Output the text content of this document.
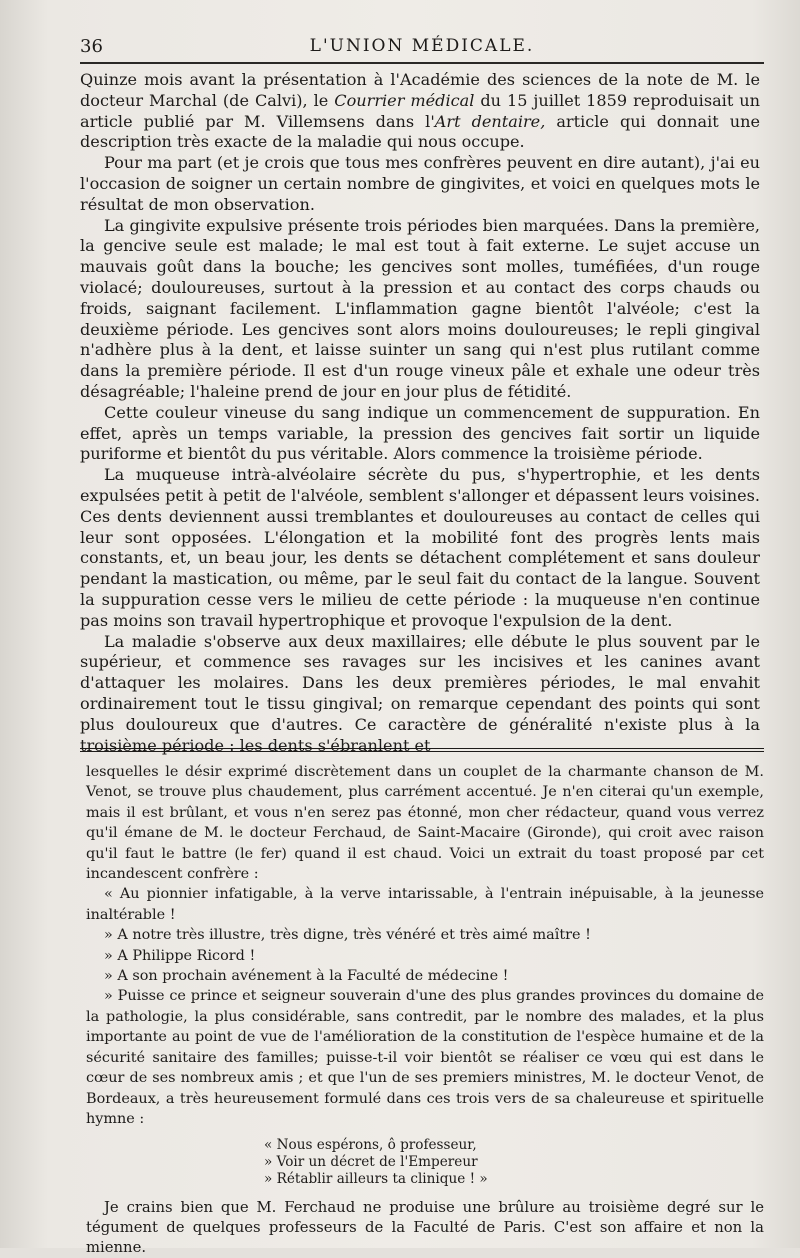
36	L'UNION MÉDICALE.

Quinze mois avant la présentation à l'Académie des sciences de la note de M. le docteur Marchal (de Calvi), le Courrier médical du 15 juillet 1859 reproduisait un article publié par M. Villemsens dans l'Art dentaire, article qui donnait une description très exacte de la maladie qui nous occupe.

Pour ma part (et je crois que tous mes confrères peuvent en dire autant), j'ai eu l'occasion de soigner un certain nombre de gingivites, et voici en quelques mots le résultat de mon observation.

La gingivite expulsive présente trois périodes bien marquées. Dans la première, la gencive seule est malade; le mal est tout à fait externe. Le sujet accuse un mauvais goût dans la bouche; les gencives sont molles, tuméfiées, d'un rouge violacé; douloureuses, surtout à la pression et au contact des corps chauds ou froids, saignant facilement. L'inflammation gagne bientôt l'alvéole; c'est la deuxième période. Les gencives sont alors moins douloureuses; le repli gingival n'adhère plus à la dent, et laisse suinter un sang qui n'est plus rutilant comme dans la première période. Il est d'un rouge vineux pâle et exhale une odeur très désagréable; l'haleine prend de jour en jour plus de fétidité.

Cette couleur vineuse du sang indique un commencement de suppuration. En effet, après un temps variable, la pression des gencives fait sortir un liquide puriforme et bientôt du pus véritable. Alors commence la troisième période.

La muqueuse intrà-alvéolaire sécrète du pus, s'hypertrophie, et les dents expulsées petit à petit de l'alvéole, semblent s'allonger et dépassent leurs voisines. Ces dents deviennent aussi tremblantes et douloureuses au contact de celles qui leur sont opposées. L'élongation et la mobilité font des progrès lents mais constants, et, un beau jour, les dents se détachent complétement et sans douleur pendant la mastication, ou même, par le seul fait du contact de la langue. Souvent la suppuration cesse vers le milieu de cette période : la muqueuse n'en continue pas moins son travail hypertrophique et provoque l'expulsion de la dent.

La maladie s'observe aux deux maxillaires; elle débute le plus souvent par le supérieur, et commence ses ravages sur les incisives et les canines avant d'attaquer les molaires. Dans les deux premières périodes, le mal envahit ordinairement tout le tissu gingival; on remarque cependant des points qui sont plus douloureux que d'autres. Ce caractère de généralité n'existe plus à la troisième période : les dents s'ébranlent et

lesquelles le désir exprimé discrètement dans un couplet de la charmante chanson de M. Venot, se trouve plus chaudement, plus carrément accentué. Je n'en citerai qu'un exemple, mais il est brûlant, et vous n'en serez pas étonné, mon cher rédacteur, quand vous verrez qu'il émane de M. le docteur Ferchaud, de Saint-Macaire (Gironde), qui croit avec raison qu'il faut le battre (le fer) quand il est chaud. Voici un extrait du toast proposé par cet incandescent confrère :

« Au pionnier infatigable, à la verve intarissable, à l'entrain inépuisable, à la jeunesse inaltérable !

» A notre très illustre, très digne, très vénéré et très aimé maître !

» A Philippe Ricord !

» A son prochain avénement à la Faculté de médecine !

» Puisse ce prince et seigneur souverain d'une des plus grandes provinces du domaine de la pathologie, la plus considérable, sans contredit, par le nombre des malades, et la plus importante au point de vue de l'amélioration de la constitution de l'espèce humaine et de la sécurité sanitaire des familles; puisse-t-il voir bientôt se réaliser ce vœu qui est dans le cœur de ses nombreux amis ; et que l'un de ses premiers ministres, M. le docteur Venot, de Bordeaux, a très heureusement formulé dans ces trois vers de sa chaleureuse et spirituelle hymne :

« Nous espérons, ô professeur,
» Voir un décret de l'Empereur
» Rétablir ailleurs ta clinique ! »

Je crains bien que M. Ferchaud ne produise une brûlure au troisième degré sur le tégument de quelques professeurs de la Faculté de Paris. C'est son affaire et non la mienne.
